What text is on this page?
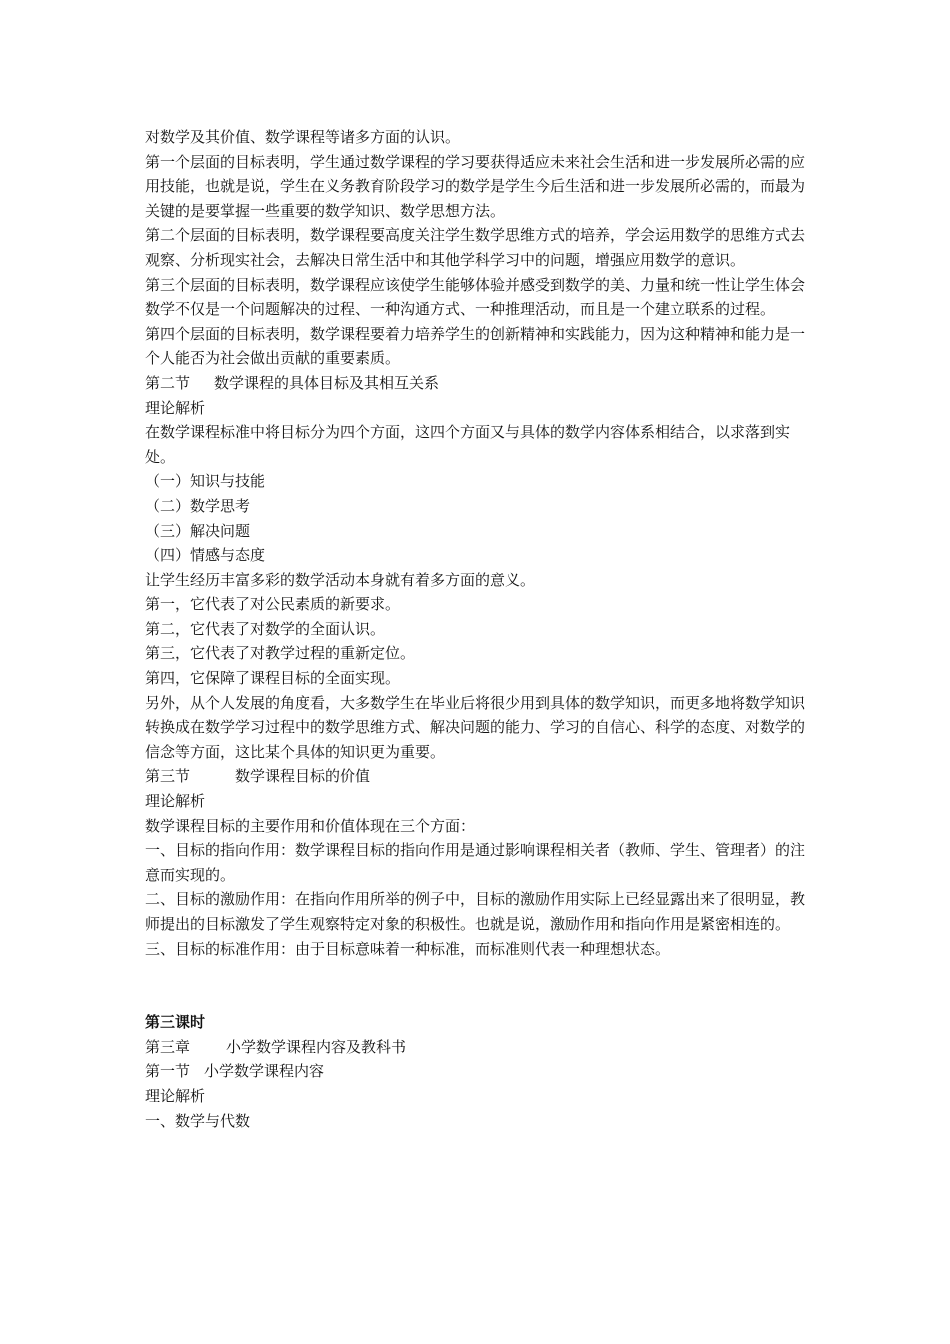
对数学及其价值、数学课程等诸多方面的认识。

第一个层面的目标表明，学生通过数学课程的学习要获得适应未来社会生活和进一步发展所必需的应用技能，也就是说，学生在义务教育阶段学习的数学是学生今后生活和进一步发展所必需的，而最为关键的是要掌握一些重要的数学知识、数学思想方法。

第二个层面的目标表明，数学课程要高度关注学生数学思维方式的培养，学会运用数学的思维方式去观察、分析现实社会，去解决日常生活中和其他学科学习中的问题，增强应用数学的意识。

第三个层面的目标表明，数学课程应该使学生能够体验并感受到数学的美、力量和统一性让学生体会数学不仅是一个问题解决的过程、一种沟通方式、一种推理活动，而且是一个建立联系的过程。

第四个层面的目标表明，数学课程要着力培养学生的创新精神和实践能力，因为这种精神和能力是一个人能否为社会做出贡献的重要素质。

第二节 数学课程的具体目标及其相互关系

理论解析

在数学课程标准中将目标分为四个方面，这四个方面又与具体的数学内容体系相结合，以求落到实处。

（一）知识与技能

（二）数学思考

（三）解决问题

（四）情感与态度

让学生经历丰富多彩的数学活动本身就有着多方面的意义。

第一，它代表了对公民素质的新要求。

第二，它代表了对数学的全面认识。

第三，它代表了对教学过程的重新定位。

第四，它保障了课程目标的全面实现。

另外，从个人发展的角度看，大多数学生在毕业后将很少用到具体的数学知识，而更多地将数学知识转换成在数学学习过程中的数学思维方式、解决问题的能力、学习的自信心、科学的态度、对数学的信念等方面，这比某个具体的知识更为重要。

第三节	数学课程目标的价值

理论解析

数学课程目标的主要作用和价值体现在三个方面：

一、目标的指向作用：数学课程目标的指向作用是通过影响课程相关者（教师、学生、管理者）的注意而实现的。

二、目标的激励作用：在指向作用所举的例子中，目标的激励作用实际上已经显露出来了很明显，教师提出的目标激发了学生观察特定对象的积极性。也就是说，激励作用和指向作用是紧密相连的。

三、目标的标准作用：由于目标意味着一种标准，而标准则代表一种理想状态。

第三课时

第三章 小学数学课程内容及教科书

第一节 小学数学课程内容

理论解析

一、数学与代数
